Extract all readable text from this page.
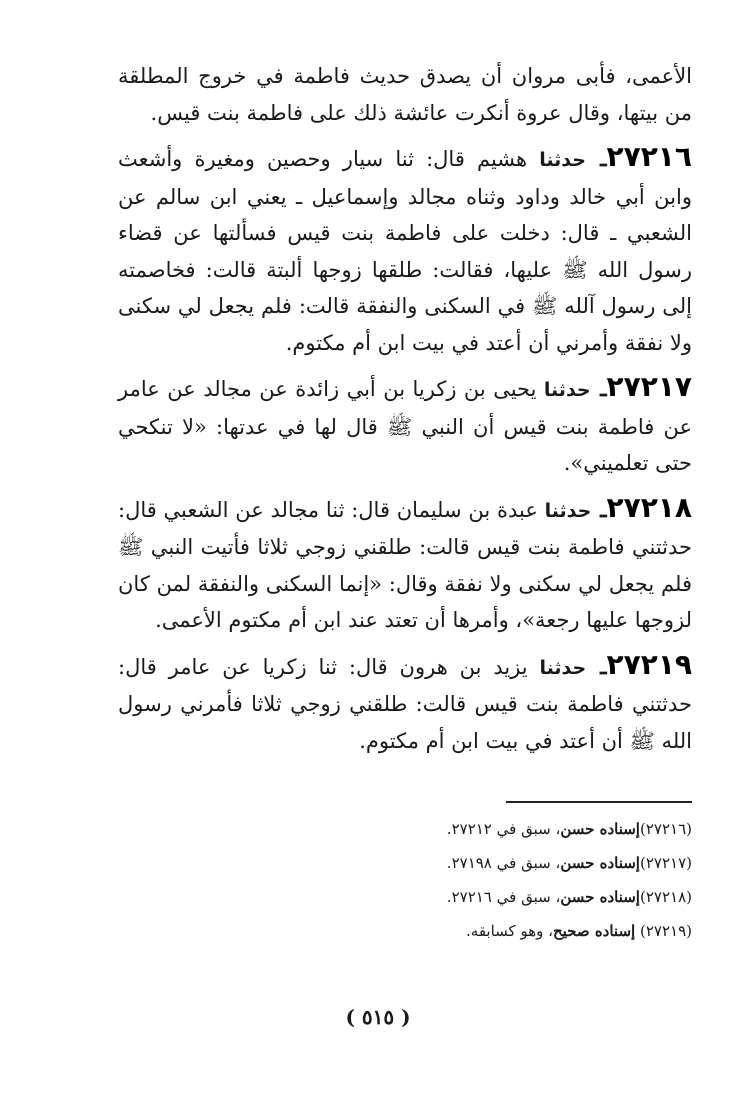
الأعمى، فأبى مروان أن يصدق حديث فاطمة في خروج المطلقة من بيتها، وقال عروة أنكرت عائشة ذلك على فاطمة بنت قيس.

٢٧٢١٦ـ حدثنا هشيم قال: ثنا سيار وحصين ومغيرة وأشعث وابن أبي خالد وداود وثناه مجالد وإسماعيل ـ يعني ابن سالم عن الشعبي ـ قال: دخلت على فاطمة بنت قيس فسألتها عن قضاء رسول الله ﷺ عليها، فقالت: طلقها زوجها ألبتة قالت: فخاصمته إلى رسول آلله ﷺ في السكنى والنفقة قالت: فلم يجعل لي سكنى ولا نفقة وأمرني أن أعتد في بيت ابن أم مكتوم.

٢٧٢١٧ـ حدثنا يحيى بن زكريا بن أبي زائدة عن مجالد عن عامر عن فاطمة بنت قيس أن النبي ﷺ قال لها في عدتها: «لا تنكحي حتى تعلميني».

٢٧٢١٨ـ حدثنا عبدة بن سليمان قال: ثنا مجالد عن الشعبي قال: حدثتني فاطمة بنت قيس قالت: طلقني زوجي ثلاثا فأتيت النبي ﷺ فلم يجعل لي سكنى ولا نفقة وقال: «إنما السكنى والنفقة لمن كان لزوجها عليها رجعة»، وأمرها أن تعتد عند ابن أم مكتوم الأعمى.

٢٧٢١٩ـ حدثنا يزيد بن هرون قال: ثنا زكريا عن عامر قال: حدثتني فاطمة بنت قيس قالت: طلقني زوجي ثلاثا فأمرني رسول الله ﷺ أن أعتد في بيت ابن أم مكتوم.

(٢٧٢١٦)إسناده حسن، سبق في ٢٧٢١٢.
(٢٧٢١٧)إسناده حسن، سبق في ٢٧١٩٨.
(٢٧٢١٨)إسناده حسن، سبق في ٢٧٢١٦.
(٢٧٢١٩) إسناده صحيح، وهو كسابقه.
( ٥١٥ )
